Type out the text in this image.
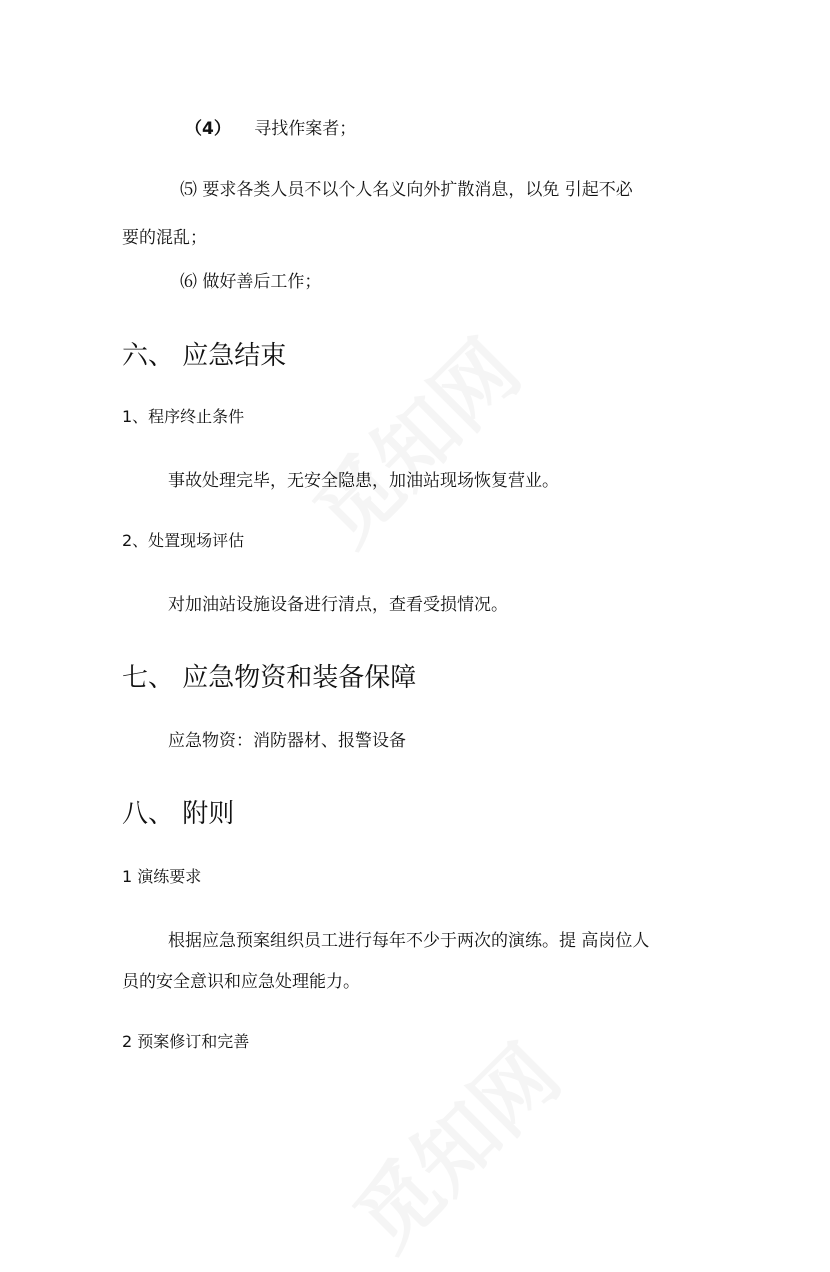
（4） 寻找作案者；
⑸ 要求各类人员不以个人名义向外扩散消息，以免 引起不必
要的混乱；
⑹ 做好善后工作；
六、 应急结束
1、程序终止条件
事故处理完毕，无安全隐患，加油站现场恢复营业。
2、处置现场评估
对加油站设施设备进行清点，查看受损情况。
七、 应急物资和装备保障
应急物资：消防器材、报警设备
八、 附则
1 演练要求
根据应急预案组织员工进行每年不少于两次的演练。提 高岗位人
员的安全意识和应急处理能力。
2 预案修订和完善
